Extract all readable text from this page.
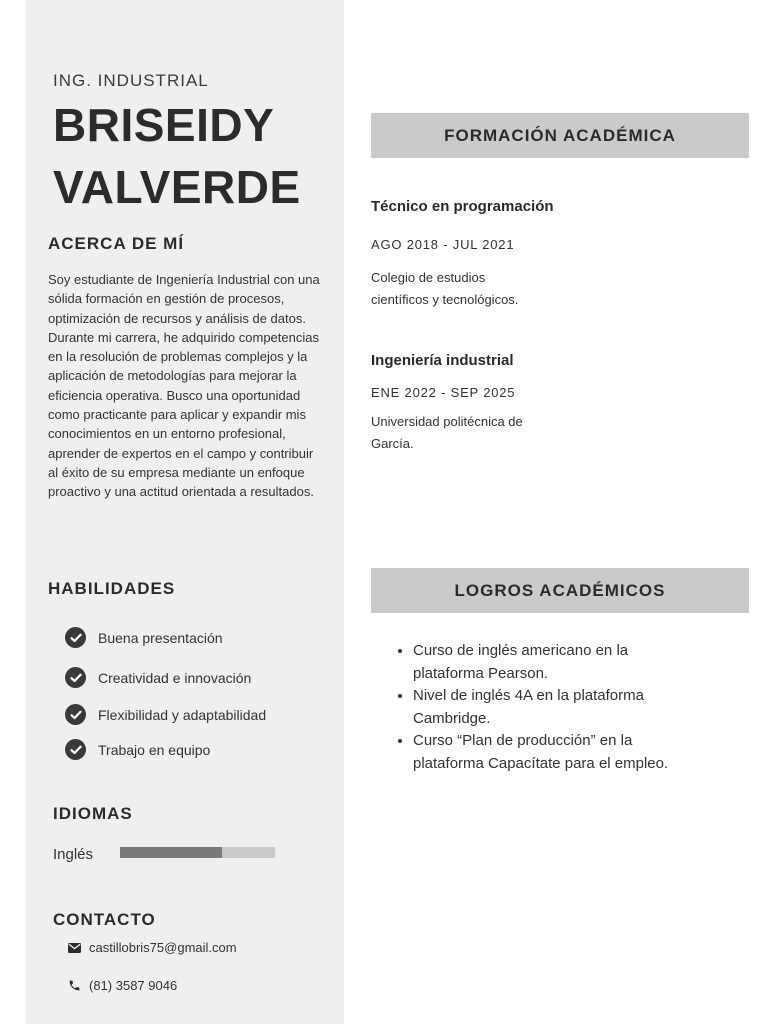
ING. INDUSTRIAL
BRISEIDY
VALVERDE
ACERCA DE MÍ
Soy estudiante de Ingeniería Industrial con una sólida formación en gestión de procesos, optimización de recursos y análisis de datos. Durante mi carrera, he adquirido competencias en la resolución de problemas complejos y la aplicación de metodologías para mejorar la eficiencia operativa. Busco una oportunidad como practicante para aplicar y expandir mis conocimientos en un entorno profesional, aprender de expertos en el campo y contribuir al éxito de su empresa mediante un enfoque proactivo y una actitud orientada a resultados.
HABILIDADES
Buena presentación
Creatividad e innovación
Flexibilidad y adaptabilidad
Trabajo en equipo
IDIOMAS
Inglés
CONTACTO
castillobris75@gmail.com
(81) 3587 9046
FORMACIÓN ACADÉMICA
Técnico en programación
AGO 2018 - JUL 2021
Colegio de estudios
científicos y tecnológicos.
Ingeniería industrial
ENE 2022 - SEP 2025
Universidad politécnica de
García.
LOGROS ACADÉMICOS
• Curso de inglés americano en la plataforma Pearson.
• Nivel de inglés 4A en la plataforma Cambridge.
• Curso “Plan de producción” en la plataforma Capacítate para el empleo.
